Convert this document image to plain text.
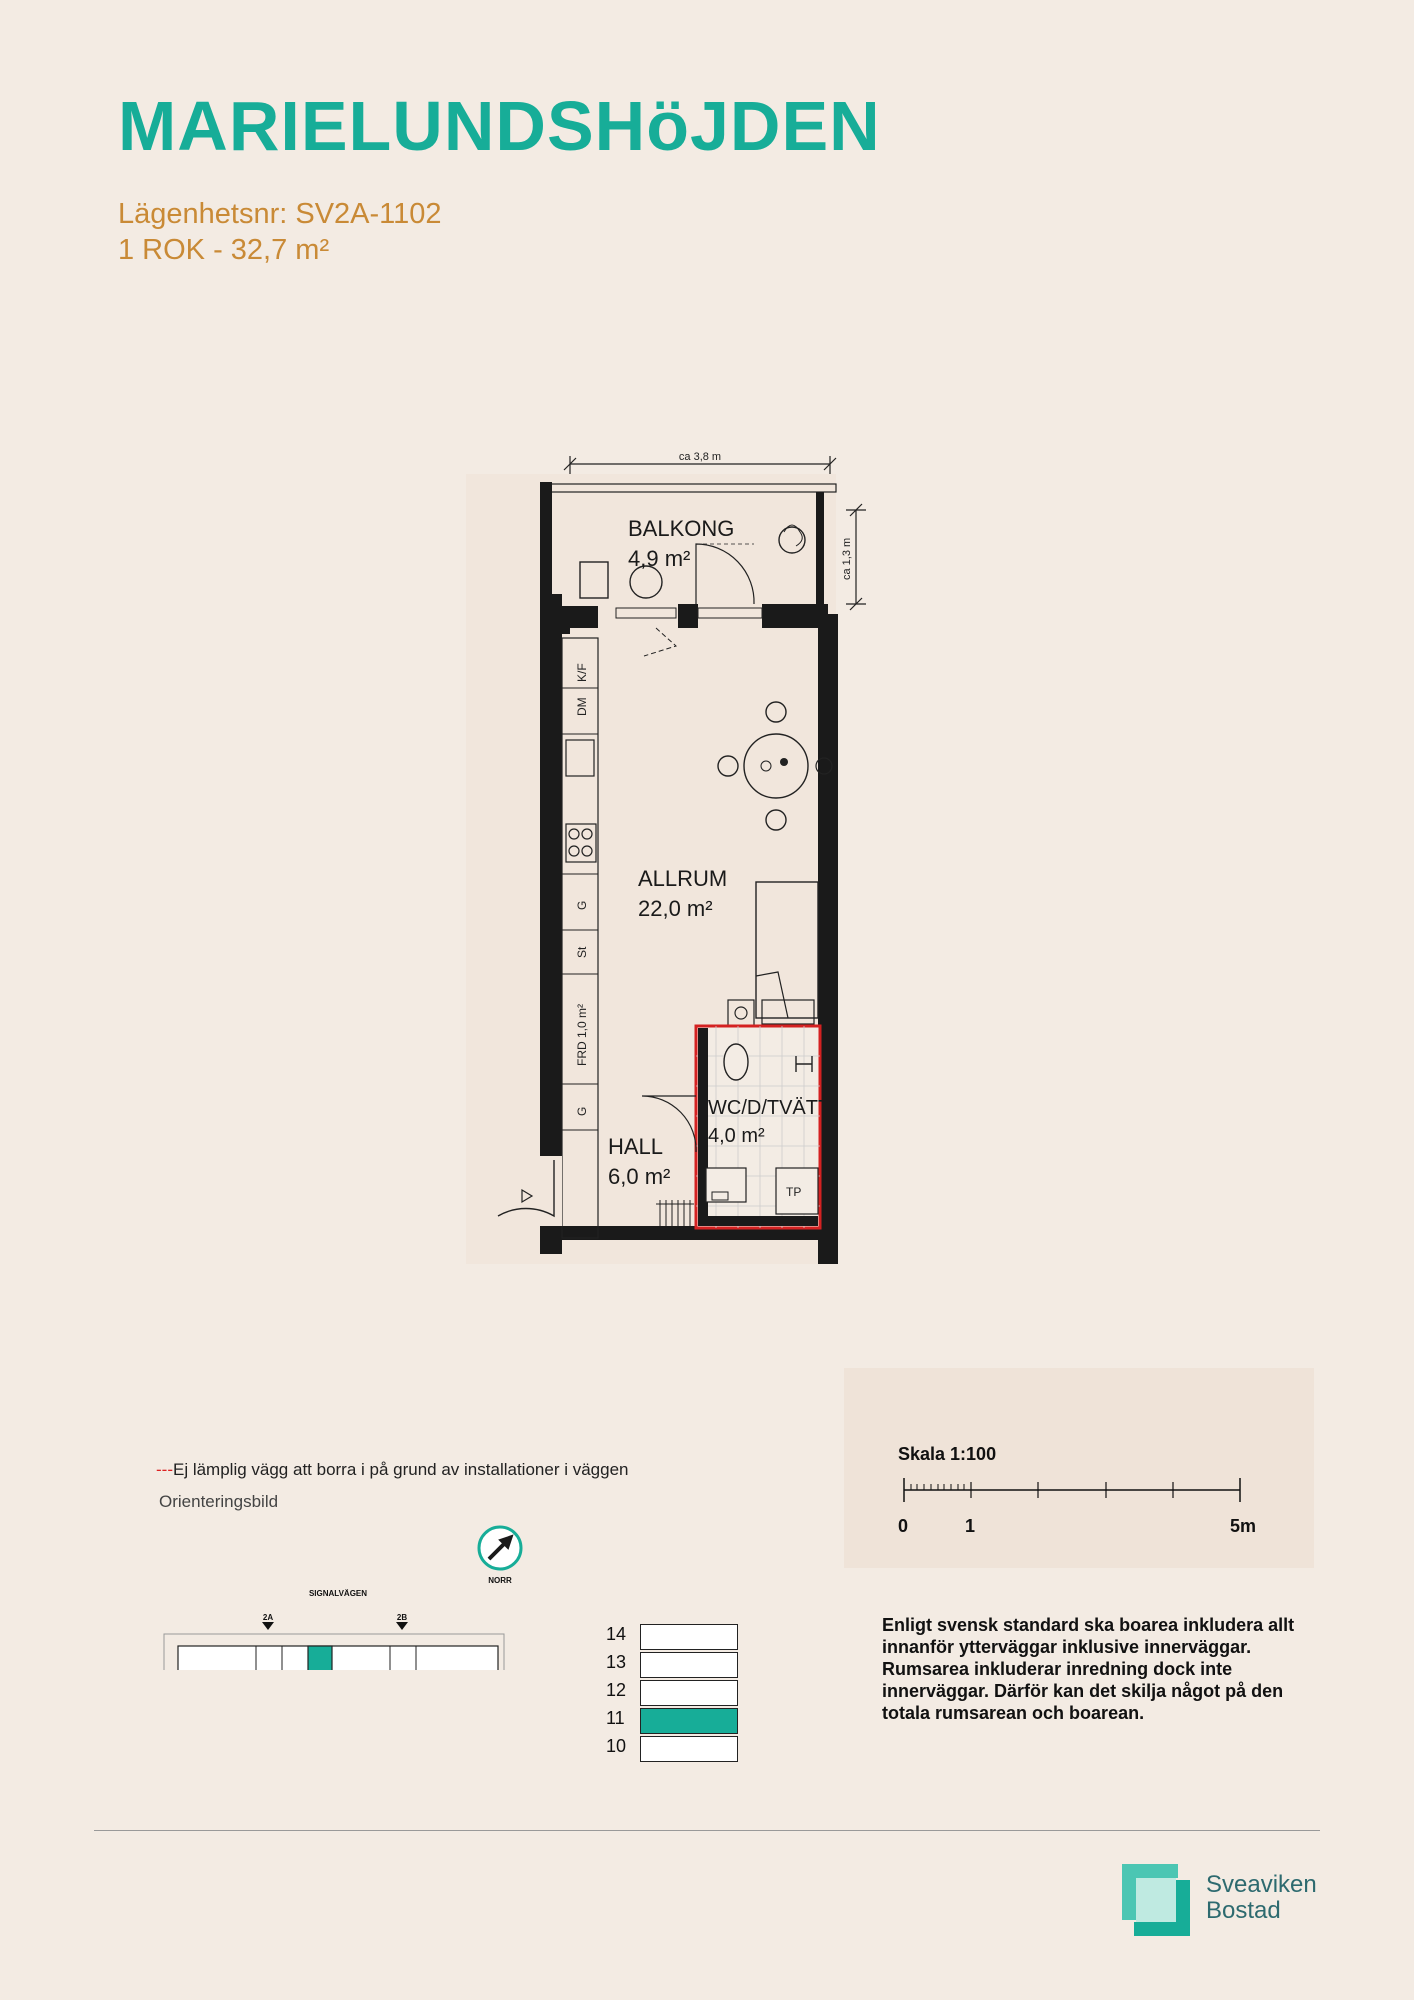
MARIELUNDSHöJDEN
Lägenhetsnr: SV2A-1102
1 ROK - 32,7 m²
ca 3,8 m
ca 1,3 m
BALKONG
4,9 m²
K/F
DM
G
St
FRD 1,0 m²
G
ALLRUM
22,0 m²
TP
WC/D/TVÄTT
4,0 m²
HALL
6,0 m²
---Ej lämplig vägg att borra i på grund av installationer i väggen
Orienteringsbild
NORR
SIGNALVÄGEN
2A	2B
14
13
12
11
10
Skala 1:100
0	1	5m
Enligt svensk standard ska boarea inkludera allt innanför ytterväggar inklusive innerväggar. Rumsarea inkluderar inredning dock inte innerväggar. Därför kan det skilja något på den totala rumsarean och boarean.
Sveaviken
Bostad
